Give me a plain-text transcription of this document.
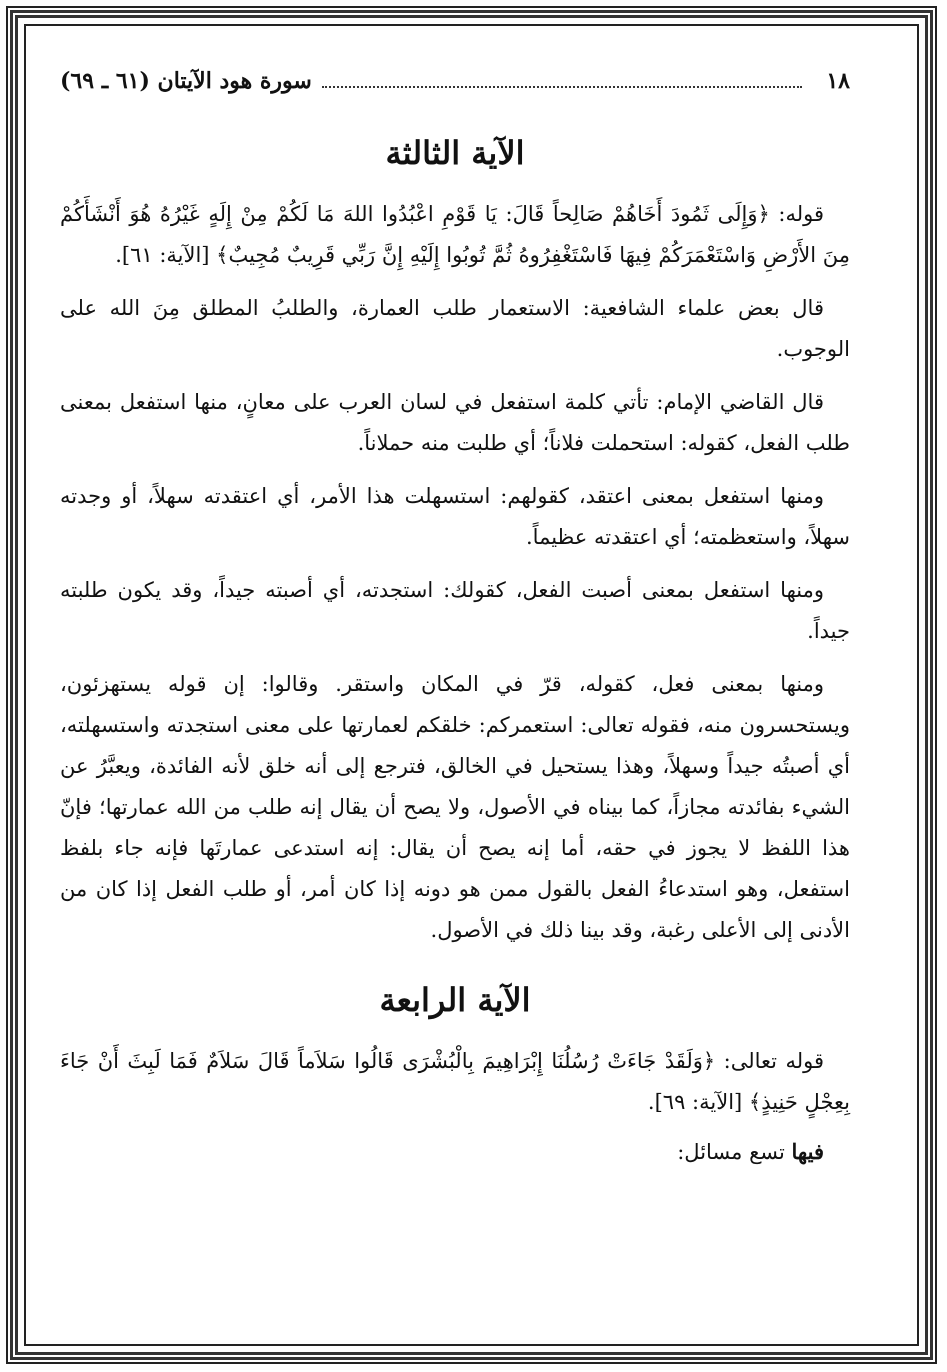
١٨
سورة هود الآيتان (٦١ ـ ٦٩)
الآية الثالثة

قوله: ﴿وَإِلَى ثَمُودَ أَخَاهُمْ صَالِحاً قَالَ: يَا قَوْمِ اعْبُدُوا اللهَ مَا لَكُمْ مِنْ إِلَهٍ غَيْرُهُ هُوَ أَنْشَأَكُمْ مِنَ الأَرْضِ وَاسْتَعْمَرَكُمْ فِيهَا فَاسْتَغْفِرُوهُ ثُمَّ تُوبُوا إِلَيْهِ إِنَّ رَبِّي قَرِيبٌ مُجِيبٌ﴾ [الآية: ٦١].

قال بعض علماء الشافعية: الاستعمار طلب العمارة، والطلبُ المطلق مِنَ الله على الوجوب.

قال القاضي الإمام: تأتي كلمة استفعل في لسان العرب على معانٍ، منها استفعل بمعنى طلب الفعل، كقوله: استحملت فلاناً؛ أي طلبت منه حملاناً.

ومنها استفعل بمعنى اعتقد، كقولهم: استسهلت هذا الأمر، أي اعتقدته سهلاً، أو وجدته سهلاً، واستعظمته؛ أي اعتقدته عظيماً.

ومنها استفعل بمعنى أصبت الفعل، كقولك: استجدته، أي أصبته جيداً، وقد يكون طلبته جيداً.

ومنها بمعنى فعل، كقوله، قرّ في المكان واستقر. وقالوا: إن قوله يستهزئون، ويستحسرون منه، فقوله تعالى: استعمركم: خلقكم لعمارتها على معنى استجدته واستسهلته، أي أصبتُه جيداً وسهلاً، وهذا يستحيل في الخالق، فترجع إلى أنه خلق لأنه الفائدة، ويعبَّرُ عن الشيء بفائدته مجازاً، كما بيناه في الأصول، ولا يصح أن يقال إنه طلب من الله عمارتها؛ فإنّ هذا اللفظ لا يجوز في حقه، أما إنه يصح أن يقال: إنه استدعى عمارتَها فإنه جاء بلفظ استفعل، وهو استدعاءُ الفعل بالقول ممن هو دونه إذا كان أمر، أو طلب الفعل إذا كان من الأدنى إلى الأعلى رغبة، وقد بينا ذلك في الأصول.

الآية الرابعة

قوله تعالى: ﴿وَلَقَدْ جَاءَتْ رُسُلُنَا إِبْرَاهِيمَ بِالْبُشْرَى قَالُوا سَلاَماً قَالَ سَلاَمٌ فَمَا لَبِثَ أَنْ جَاءَ بِعِجْلٍ حَنِيذٍ﴾ [الآية: ٦٩].

فيها تسع مسائل:
